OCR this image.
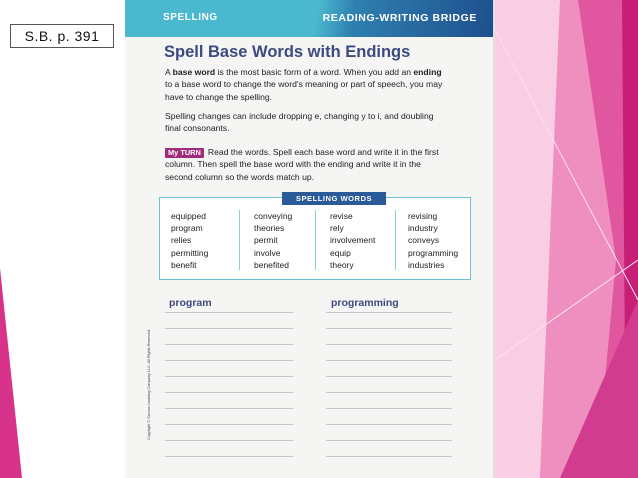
SPELLING	READING-WRITING BRIDGE
Spell Base Words with Endings
A base word is the most basic form of a word. When you add an ending to a base word to change the word's meaning or part of speech, you may have to change the spelling.
Spelling changes can include dropping e, changing y to i, and doubling final consonants.
My TURN Read the words. Spell each base word and write it in the first column. Then spell the base word with the ending and write it in the second column so the words match up.
SPELLING WORDS
equipped
program
relies
permitting
benefit
conveying
theories
permit
involve
benefited
revise
rely
involvement
equip
theory
revising
industry
conveys
programming
industries
program	programming
Copyright © Savvas Learning Company LLC. All Rights Reserved.
S.B. p. 391
